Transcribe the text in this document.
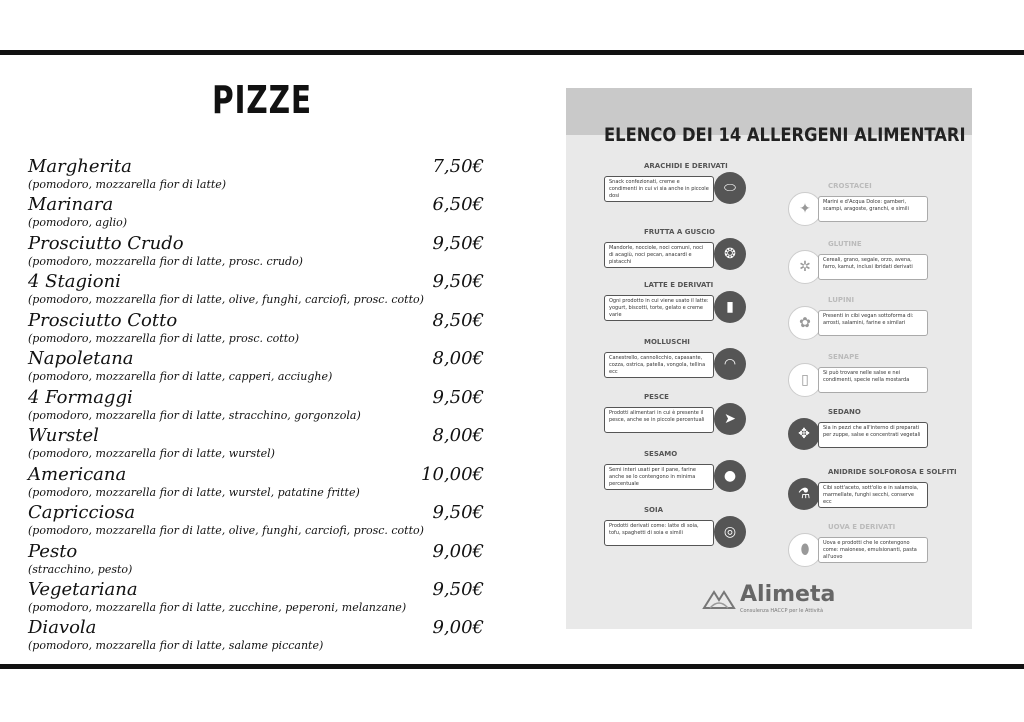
PIZZE
Margherita	7,50€
(pomodoro, mozzarella fior di latte)
Marinara	6,50€
(pomodoro, aglio)
Prosciutto Crudo	9,50€
(pomodoro, mozzarella fior di latte, prosc. crudo)
4 Stagioni	9,50€
(pomodoro, mozzarella fior di latte, olive, funghi, carciofi, prosc. cotto)
Prosciutto Cotto	8,50€
(pomodoro, mozzarella fior di latte, prosc. cotto)
Napoletana	8,00€
(pomodoro, mozzarella fior di latte, capperi, acciughe)
4 Formaggi	9,50€
(pomodoro, mozzarella fior di latte, stracchino, gorgonzola)
Wurstel	8,00€
(pomodoro, mozzarella fior di latte, wurstel)
Americana	10,00€
(pomodoro, mozzarella fior di latte, wurstel, patatine fritte)
Capricciosa	9,50€
(pomodoro, mozzarella fior di latte, olive, funghi, carciofi, prosc. cotto)
Pesto	9,00€
(stracchino, pesto)
Vegetariana	9,50€
(pomodoro, mozzarella fior di latte, zucchine, peperoni, melanzane)
Diavola	9,00€
(pomodoro, mozzarella fior di latte, salame piccante)
ELENCO DEI 14 ALLERGENI ALIMENTARI
ARACHIDI E DERIVATI
Snack confezionati, creme e condimenti in cui vi sia anche in piccole dosi	⬭
FRUTTA A GUSCIO
Mandorle, nocciole, noci comuni, noci di acagiù, noci pecan, anacardi e pistacchi	❂
LATTE E DERIVATI
Ogni prodotto in cui viene usato il latte: yogurt, biscotti, torte, gelato e creme varie	▮
MOLLUSCHI
Canestrello, cannolicchio, capasante, cozza, ostrica, patella, vongola, tellina ecc	◠
PESCE
Prodotti alimentari in cui è presente il pesce, anche se in piccole percentuali	➤
SESAMO
Semi interi usati per il pane, farine anche se lo contengono in minima percentuale	●
SOIA
Prodotti derivati come: latte di soia, tofu, spaghetti di soia e simili	◎
CROSTACEI
✦	Marini e d'Acqua Dolce: gamberi, scampi, aragoste, granchi, e simili
GLUTINE
✲	Cereali, grano, segale, orzo, avena, farro, kamut, inclusi ibridati derivati
LUPINI
✿	Presenti in cibi vegan sottoforma di: arrosti, salamini, farine e similari
SENAPE
▯	Si può trovare nelle salse e nei condimenti, specie nella mostarda
SEDANO
✥	Sia in pezzi che all'interno di preparati per zuppe, salse e concentrati vegetali
ANIDRIDE SOLFOROSA E SOLFITI
⚗	Cibi sott'aceto, sott'olio e in salamoia, marmellate, funghi secchi, conserve ecc
UOVA E DERIVATI
⬮	Uova e prodotti che le contengono come: maionese, emulsionanti, pasta all'uovo
Alimeta
Consulenza HACCP per le Attività
